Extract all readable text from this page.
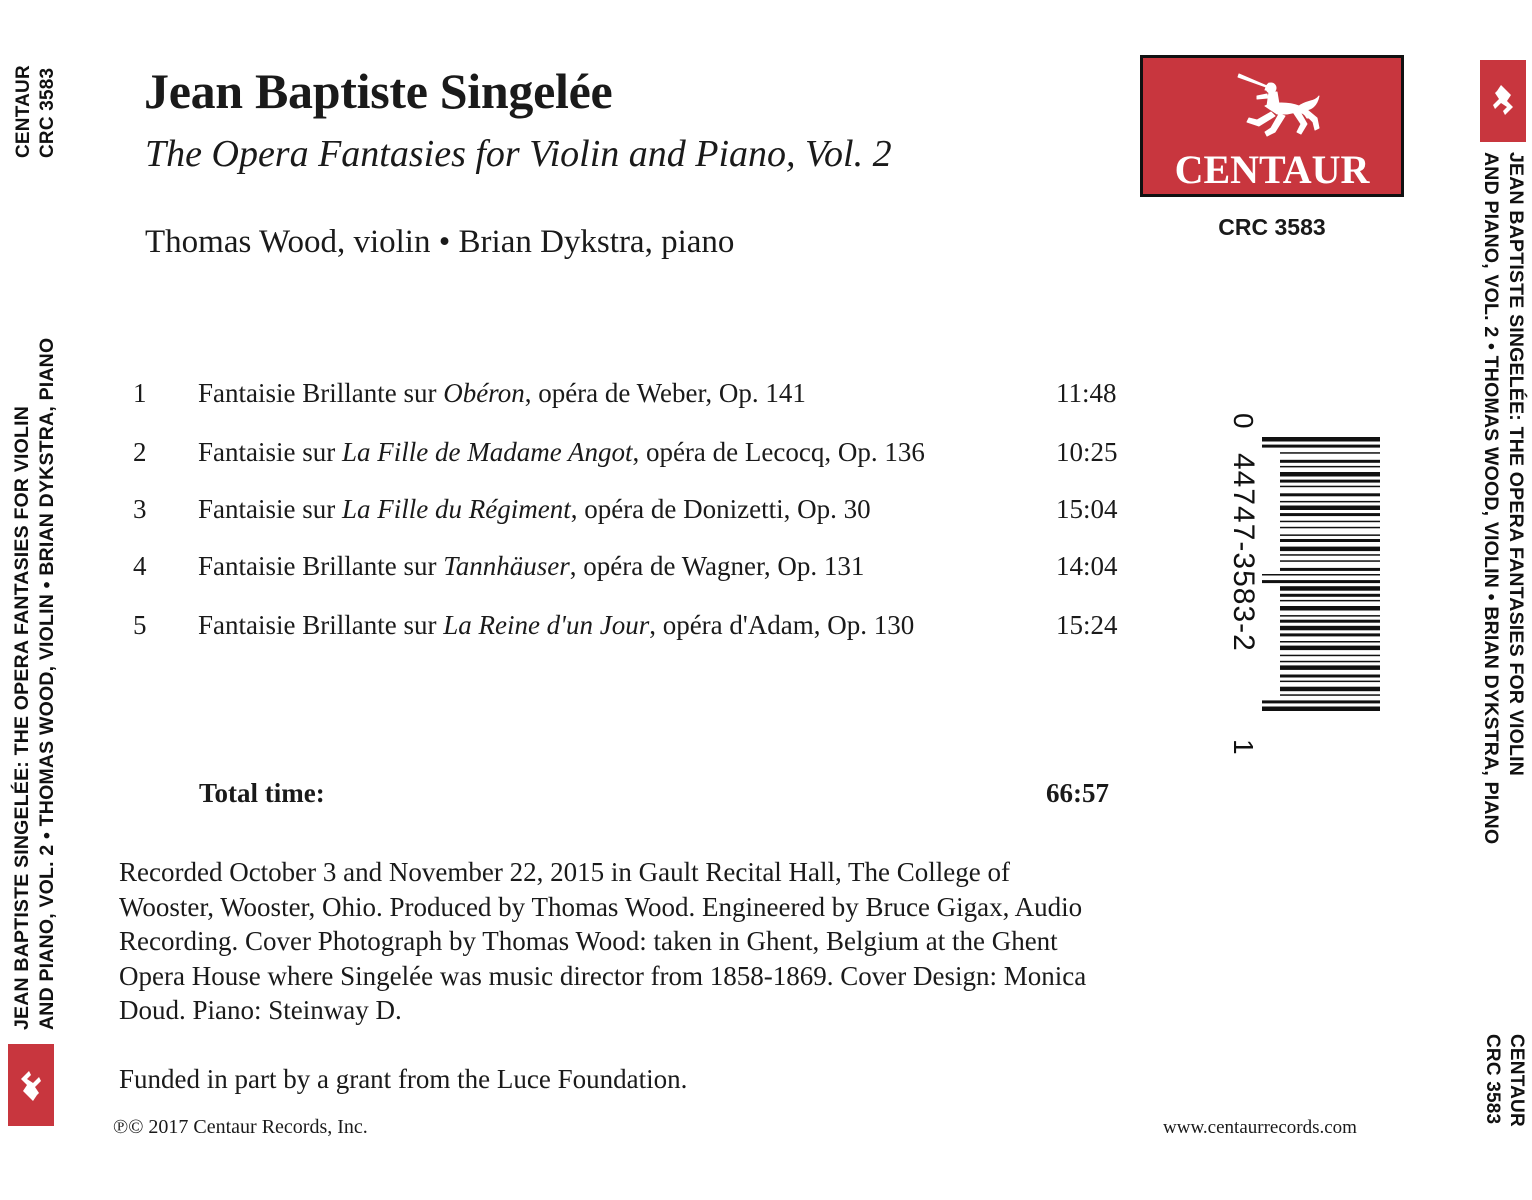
CENTAUR CRC 3583
JEAN BAPTISTE SINGELÉE: THE OPERA FANTASIES FOR VIOLIN AND PIANO, VOL. 2 • THOMAS WOOD, VIOLIN • BRIAN DYKSTRA, PIANO	JEAN BAPTISTE SINGELÉE: THE OPERA FANTASIES FOR VIOLIN
AND PIANO, VOL. 2 • THOMAS WOOD, VIOLIN • BRIAN DYKSTRA, PIANO
CENTAUR
CRC 3583
Jean Baptiste Singelée
The Opera Fantasies for Violin and Piano, Vol. 2
Thomas Wood, violin • Brian Dykstra, piano
CENTAUR
CRC 3583
1 Fantaisie Brillante sur Obéron, opéra de Weber, Op. 141	11:48
2 Fantaisie sur La Fille de Madame Angot, opéra de Lecocq, Op. 136	10:25
3 Fantaisie sur La Fille du Régiment, opéra de Donizetti, Op. 30	15:04
4 Fantaisie Brillante sur Tannhäuser, opéra de Wagner, Op. 131	14:04
5 Fantaisie Brillante sur La Reine d'un Jour, opéra d'Adam, Op. 130	15:24
Total time:	66:57
Recorded October 3 and November 22, 2015 in Gault Recital Hall, The College of
Wooster, Wooster, Ohio. Produced by Thomas Wood. Engineered by Bruce Gigax, Audio
Recording. Cover Photograph by Thomas Wood: taken in Ghent, Belgium at the Ghent
Opera House where Singelée was music director from 1858-1869. Cover Design: Monica
Doud. Piano: Steinway D.
Funded in part by a grant from the Luce Foundation.
℗© 2017 Centaur Records, Inc.	www.centaurrecords.com
0
44747-3583-2
1
